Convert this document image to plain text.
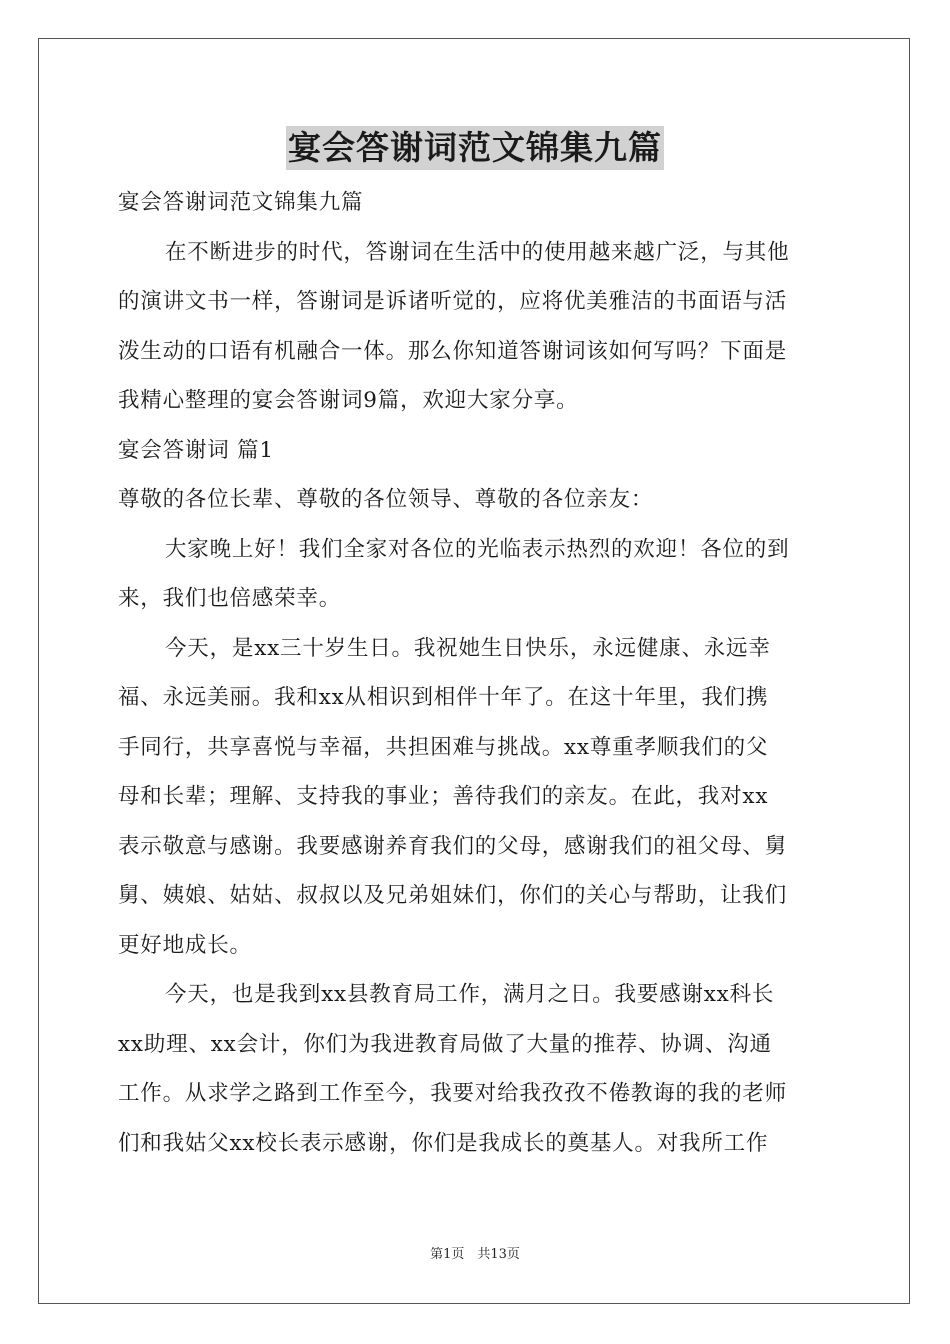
宴会答谢词范文锦集九篇

宴会答谢词范文锦集九篇

在不断进步的时代，答谢词在生活中的使用越来越广泛，与其他

的演讲文书一样，答谢词是诉诸听觉的，应将优美雅洁的书面语与活

泼生动的口语有机融合一体。那么你知道答谢词该如何写吗？下面是

我精心整理的宴会答谢词9篇，欢迎大家分享。

宴会答谢词 篇1

尊敬的各位长辈、尊敬的各位领导、尊敬的各位亲友：

大家晚上好！我们全家对各位的光临表示热烈的欢迎！各位的到

来，我们也倍感荣幸。

今天，是xx三十岁生日。我祝她生日快乐，永远健康、永远幸

福、永远美丽。我和xx从相识到相伴十年了。在这十年里，我们携

手同行，共享喜悦与幸福，共担困难与挑战。xx尊重孝顺我们的父

母和长辈；理解、支持我的事业；善待我们的亲友。在此，我对xx

表示敬意与感谢。我要感谢养育我们的父母，感谢我们的祖父母、舅

舅、姨娘、姑姑、叔叔以及兄弟姐妹们，你们的关心与帮助，让我们

更好地成长。

今天，也是我到xx县教育局工作，满月之日。我要感谢xx科长

xx助理、xx会计，你们为我进教育局做了大量的推荐、协调、沟通

工作。从求学之路到工作至今，我要对给我孜孜不倦教诲的我的老师

们和我姑父xx校长表示感谢，你们是我成长的奠基人。对我所工作

第1页　共13页
